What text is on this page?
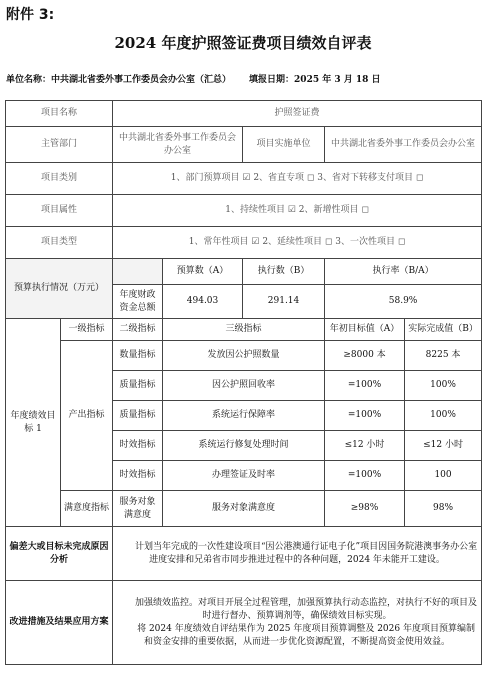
附件 3:
2024 年度护照签证费项目绩效自评表
单位名称：中共湖北省委外事工作委员会办公室（汇总） 填报日期：2025 年 3 月 18 日
项目名称		护照签证费				
主管部门		中共湖北省委外事工作委员会办公室		项目实施单位	中共湖北省委外事工作委员会办公室	
项目类别		1、部门预算项目 ☑ 2、省直专项 ◻ 3、省对下转移支付项目 ◻				
项目属性		1、持续性项目 ☑ 2、新增性项目 ◻				
项目类型		1、常年性项目 ☑ 2、延续性项目 ◻ 3、一次性项目 ◻				
预算执行情况（万元）			预算数（A）	执行数（B）	执行率（B/A）	
		年度财政资金总额	494.03	291.14	58.9%	
年度绩效目标 1	一级指标	二级指标	三级指标		年初目标值（A）	实际完成值（B）
	产出指标	数量指标	发放因公护照数量		≥8000 本	8225 本
		质量指标	因公护照回收率		=100%	100%
		质量指标	系统运行保障率		=100%	100%
		时效指标	系统运行修复处理时间		≤12 小时	≤12 小时
		时效指标	办理签证及时率		=100%	100
	满意度指标	服务对象满意度	服务对象满意度		≥98%	98%
偏差大或目标未完成原因分析		计划当年完成的一次性建设项目“因公港澳通行证电子化”项目因国务院港澳事务办公室进度安排和兄弟省市同步推进过程中的各种问题，2024 年未能开工建设。				
改进措施及结果应用方案		加强绩效监控。对项目开展全过程管理，加强预算执行动态监控，对执行不好的项目及时进行督办、预算调剂等，确保绩效目标实现。
将 2024 年度绩效自评结果作为 2025 年度项目预算调整及 2026 年度项目预算编制和资金安排的重要依据，从而进一步优化资源配置，不断提高资金使用效益。				
